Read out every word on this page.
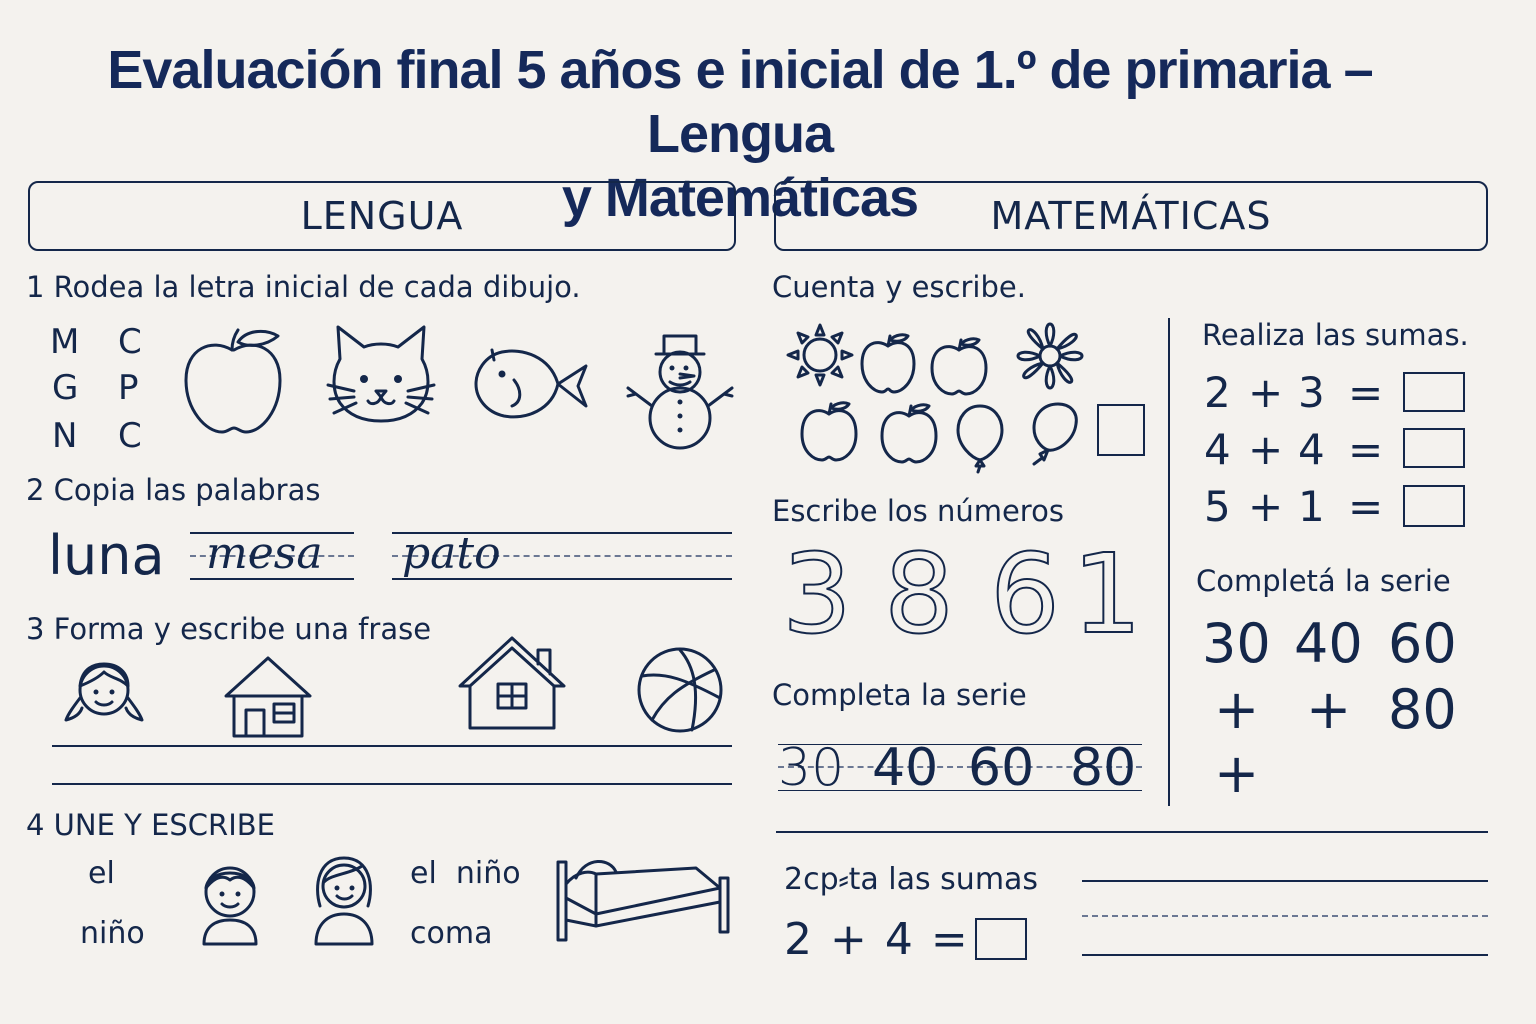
Evaluación final 5 años e inicial de 1.º de primaria – Lengua
y Matemáticas
LENGUA
1 Rodea la letra inicial de cada dibujo.
M C
G P
N C
2 Copia las palabras
luna mesa pato
3 Forma y escribe una frase
4 UNE Y ESCRIBE
el
niño
el  niño
coma
MATEMÁTICAS
Cuenta y escribe.
Escribe los números
3 8 6 1
Completa la serie
30 40 60 80
Realiza las sumas.
2 + 3 =
4 + 4 =
5 + 1 =
Completá la serie
30 40 60
+ + 80
+
2cp⸗ta las sumas
2 + 4 =
